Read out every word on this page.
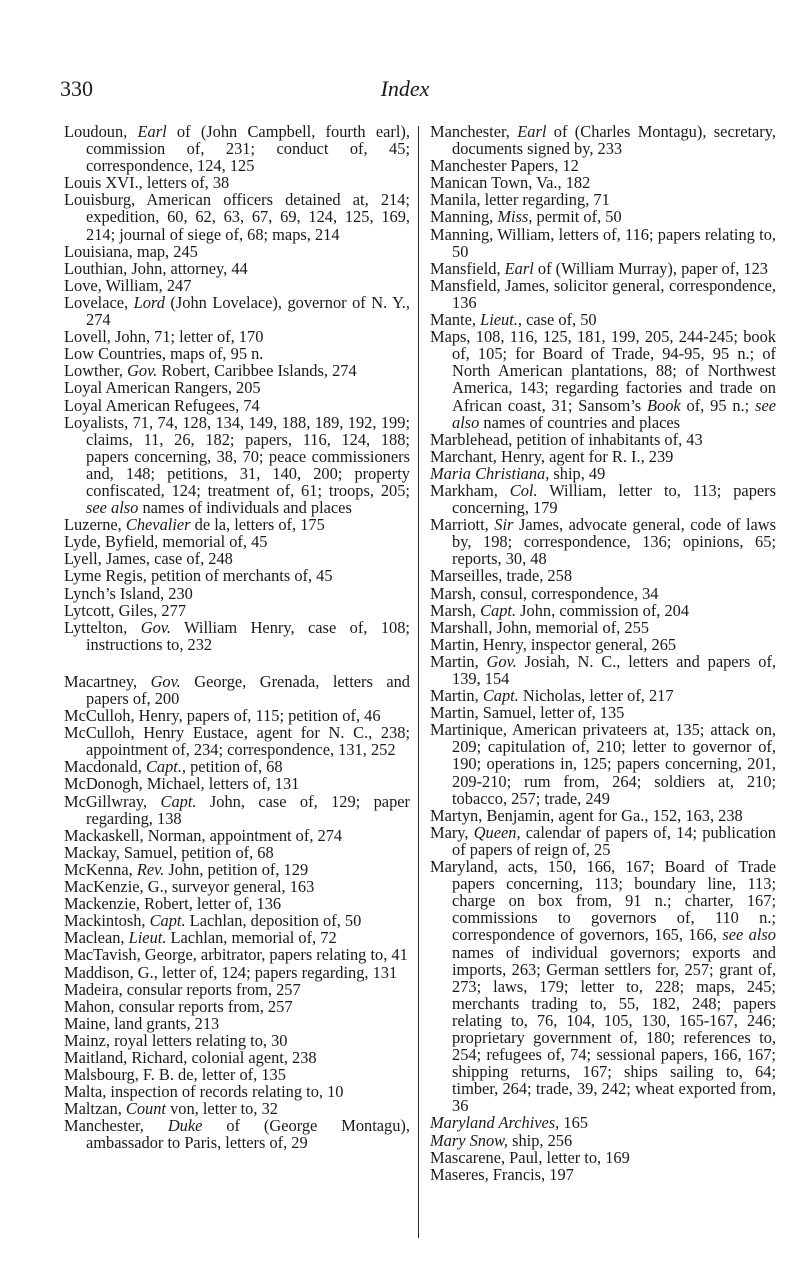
330	Index

Loudoun, Earl of (John Campbell, fourth earl), commission of, 231; conduct of, 45; correspondence, 124, 125

Louis XVI., letters of, 38

Louisburg, American officers detained at, 214; expedition, 60, 62, 63, 67, 69, 124, 125, 169, 214; journal of siege of, 68; maps, 214

Louisiana, map, 245

Louthian, John, attorney, 44

Love, William, 247

Lovelace, Lord (John Lovelace), governor of N. Y., 274

Lovell, John, 71; letter of, 170

Low Countries, maps of, 95 n.

Lowther, Gov. Robert, Caribbee Islands, 274

Loyal American Rangers, 205

Loyal American Refugees, 74

Loyalists, 71, 74, 128, 134, 149, 188, 189, 192, 199; claims, 11, 26, 182; papers, 116, 124, 188; papers concerning, 38, 70; peace commissioners and, 148; petitions, 31, 140, 200; property confiscated, 124; treatment of, 61; troops, 205; see also names of individuals and places

Luzerne, Chevalier de la, letters of, 175

Lyde, Byfield, memorial of, 45

Lyell, James, case of, 248

Lyme Regis, petition of merchants of, 45

Lynch’s Island, 230

Lytcott, Giles, 277

Lyttelton, Gov. William Henry, case of, 108; instructions to, 232

Macartney, Gov. George, Grenada, letters and papers of, 200

McCulloh, Henry, papers of, 115; petition of, 46

McCulloh, Henry Eustace, agent for N. C., 238; appointment of, 234; correspondence, 131, 252

Macdonald, Capt., petition of, 68

McDonogh, Michael, letters of, 131

McGillwray, Capt. John, case of, 129; paper regarding, 138

Mackaskell, Norman, appointment of, 274

Mackay, Samuel, petition of, 68

McKenna, Rev. John, petition of, 129

MacKenzie, G., surveyor general, 163

Mackenzie, Robert, letter of, 136

Mackintosh, Capt. Lachlan, deposition of, 50

Maclean, Lieut. Lachlan, memorial of, 72

MacTavish, George, arbitrator, papers relating to, 41

Maddison, G., letter of, 124; papers regarding, 131

Madeira, consular reports from, 257

Mahon, consular reports from, 257

Maine, land grants, 213

Mainz, royal letters relating to, 30

Maitland, Richard, colonial agent, 238

Malsbourg, F. B. de, letter of, 135

Malta, inspection of records relating to, 10

Maltzan, Count von, letter to, 32

Manchester, Duke of (George Montagu), ambassador to Paris, letters of, 29

Manchester, Earl of (Charles Montagu), secretary, documents signed by, 233

Manchester Papers, 12

Manican Town, Va., 182

Manila, letter regarding, 71

Manning, Miss, permit of, 50

Manning, William, letters of, 116; papers relating to, 50

Mansfield, Earl of (William Murray), paper of, 123

Mansfield, James, solicitor general, correspondence, 136

Mante, Lieut., case of, 50

Maps, 108, 116, 125, 181, 199, 205, 244-245; book of, 105; for Board of Trade, 94-95, 95 n.; of North American plantations, 88; of Northwest America, 143; regarding factories and trade on African coast, 31; Sansom’s Book of, 95 n.; see also names of countries and places

Marblehead, petition of inhabitants of, 43

Marchant, Henry, agent for R. I., 239

Maria Christiana, ship, 49

Markham, Col. William, letter to, 113; papers concerning, 179

Marriott, Sir James, advocate general, code of laws by, 198; correspondence, 136; opinions, 65; reports, 30, 48

Marseilles, trade, 258

Marsh, consul, correspondence, 34

Marsh, Capt. John, commission of, 204

Marshall, John, memorial of, 255

Martin, Henry, inspector general, 265

Martin, Gov. Josiah, N. C., letters and papers of, 139, 154

Martin, Capt. Nicholas, letter of, 217

Martin, Samuel, letter of, 135

Martinique, American privateers at, 135; attack on, 209; capitulation of, 210; letter to governor of, 190; operations in, 125; papers concerning, 201, 209-210; rum from, 264; soldiers at, 210; tobacco, 257; trade, 249

Martyn, Benjamin, agent for Ga., 152, 163, 238

Mary, Queen, calendar of papers of, 14; publication of papers of reign of, 25

Maryland, acts, 150, 166, 167; Board of Trade papers concerning, 113; boundary line, 113; charge on box from, 91 n.; charter, 167; commissions to governors of, 110 n.; correspondence of governors, 165, 166, see also names of individual governors; exports and imports, 263; German settlers for, 257; grant of, 273; laws, 179; letter to, 228; maps, 245; merchants trading to, 55, 182, 248; papers relating to, 76, 104, 105, 130, 165-167, 246; proprietary government of, 180; references to, 254; refugees of, 74; sessional papers, 166, 167; shipping returns, 167; ships sailing to, 64; timber, 264; trade, 39, 242; wheat exported from, 36

Maryland Archives, 165

Mary Snow, ship, 256

Mascarene, Paul, letter to, 169

Maseres, Francis, 197
